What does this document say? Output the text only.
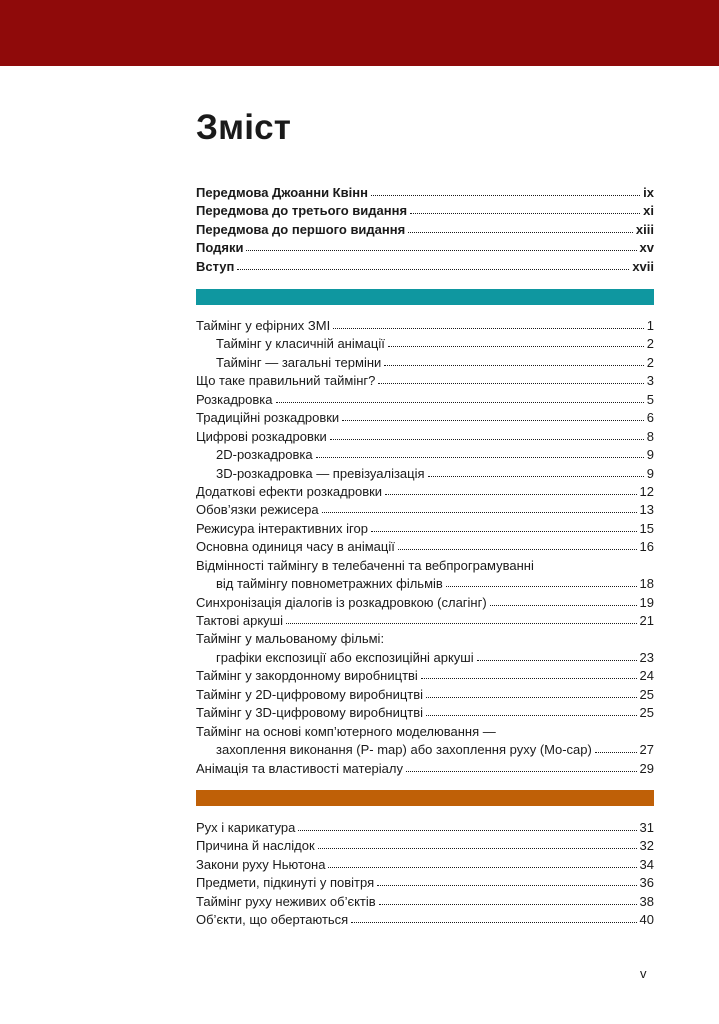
Зміст
Передмова Джоанни Квінн	ix
Передмова до третього видання	xi
Передмова до першого видання	xiii
Подяки	xv
Вступ	xvii
Таймінг у ефірних ЗМІ	1
Таймінг у класичній анімації	2
Таймінг — загальні терміни	2
Що таке правильний таймінг?	3
Розкадровка	5
Традиційні розкадровки	6
Цифрові розкадровки	8
2D-розкадровка	9
3D-розкадровка — превізуалізація	9
Додаткові ефекти розкадровки	12
Обов’язки режисера	13
Режисура інтерактивних ігор	15
Основна одиниця часу в анімації	16
Відмінності таймінгу в телебаченні та вебпрограмуванні
від таймінгу повнометражних фільмів	18
Синхронізація діалогів із розкадровкою (слагінг)	19
Тактові аркуші	21
Таймінг у мальованому фільмі:
графіки експозиції або експозиційні аркуші	23
Таймінг у закордонному виробництві	24
Таймінг у 2D-цифровому виробництві	25
Таймінг у 3D-цифровому виробництві	25
Таймінг на основі комп’ютерного моделювання —
захоплення виконання (P- map) або захоплення руху (Mo-cap)	27
Анімація та властивості матеріалу	29
Рух і карикатура	31
Причина й наслідок	32
Закони руху Ньютона	34
Предмети, підкинуті у повітря	36
Таймінг руху неживих об’єктів	38
Об’єкти, що обертаються	40
v
